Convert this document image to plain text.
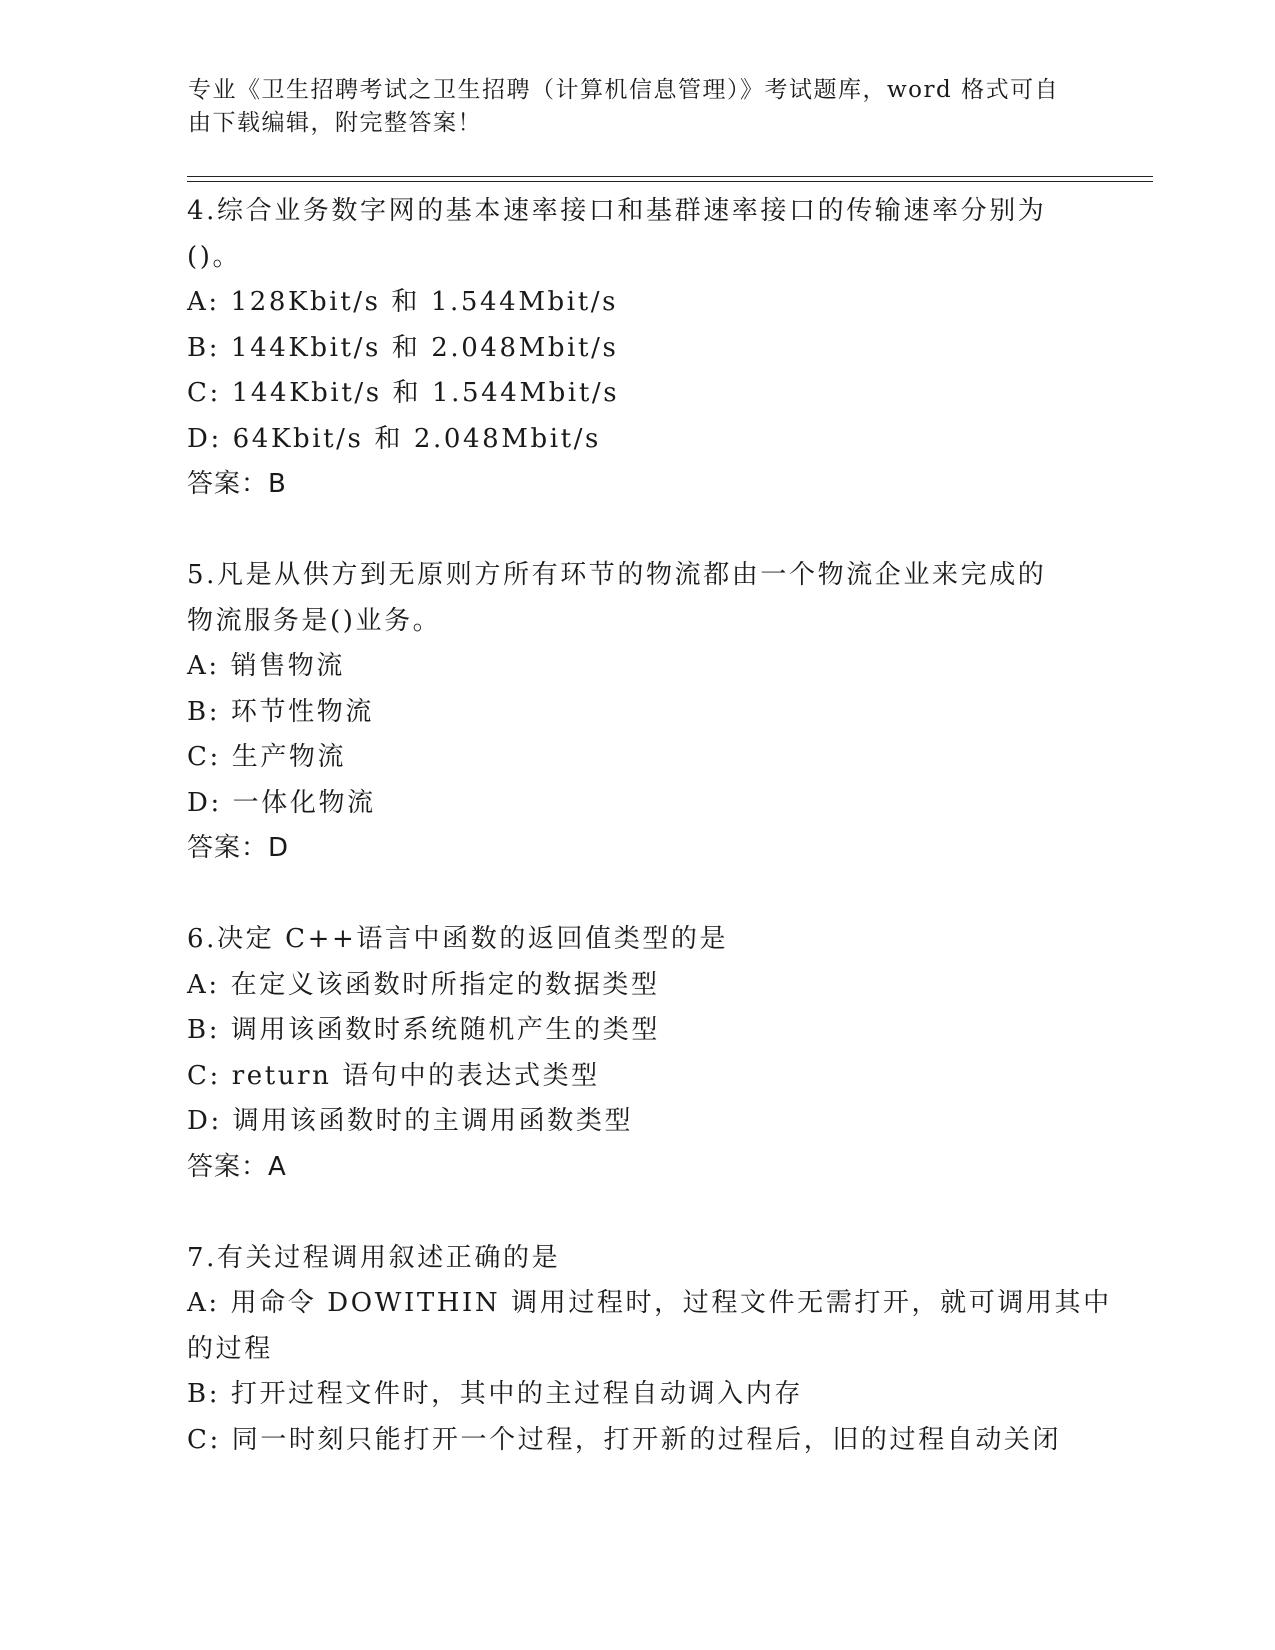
专业《卫生招聘考试之卫生招聘（计算机信息管理）》考试题库，word 格式可自
由下载编辑，附完整答案！
4.综合业务数字网的基本速率接口和基群速率接口的传输速率分别为
()。
A: 128Kbit/s 和 1.544Mbit/s
B: 144Kbit/s 和 2.048Mbit/s
C: 144Kbit/s 和 1.544Mbit/s
D: 64Kbit/s 和 2.048Mbit/s
答案：B
5.凡是从供方到无原则方所有环节的物流都由一个物流企业来完成的
物流服务是()业务。
A: 销售物流
B: 环节性物流
C: 生产物流
D: 一体化物流
答案：D
6.决定 C++语言中函数的返回值类型的是
A: 在定义该函数时所指定的数据类型
B: 调用该函数时系统随机产生的类型
C: return 语句中的表达式类型
D: 调用该函数时的主调用函数类型
答案：A
7.有关过程调用叙述正确的是
A: 用命令 DOWITHIN 调用过程时，过程文件无需打开，就可调用其中
的过程
B: 打开过程文件时，其中的主过程自动调入内存
C: 同一时刻只能打开一个过程，打开新的过程后，旧的过程自动关闭
